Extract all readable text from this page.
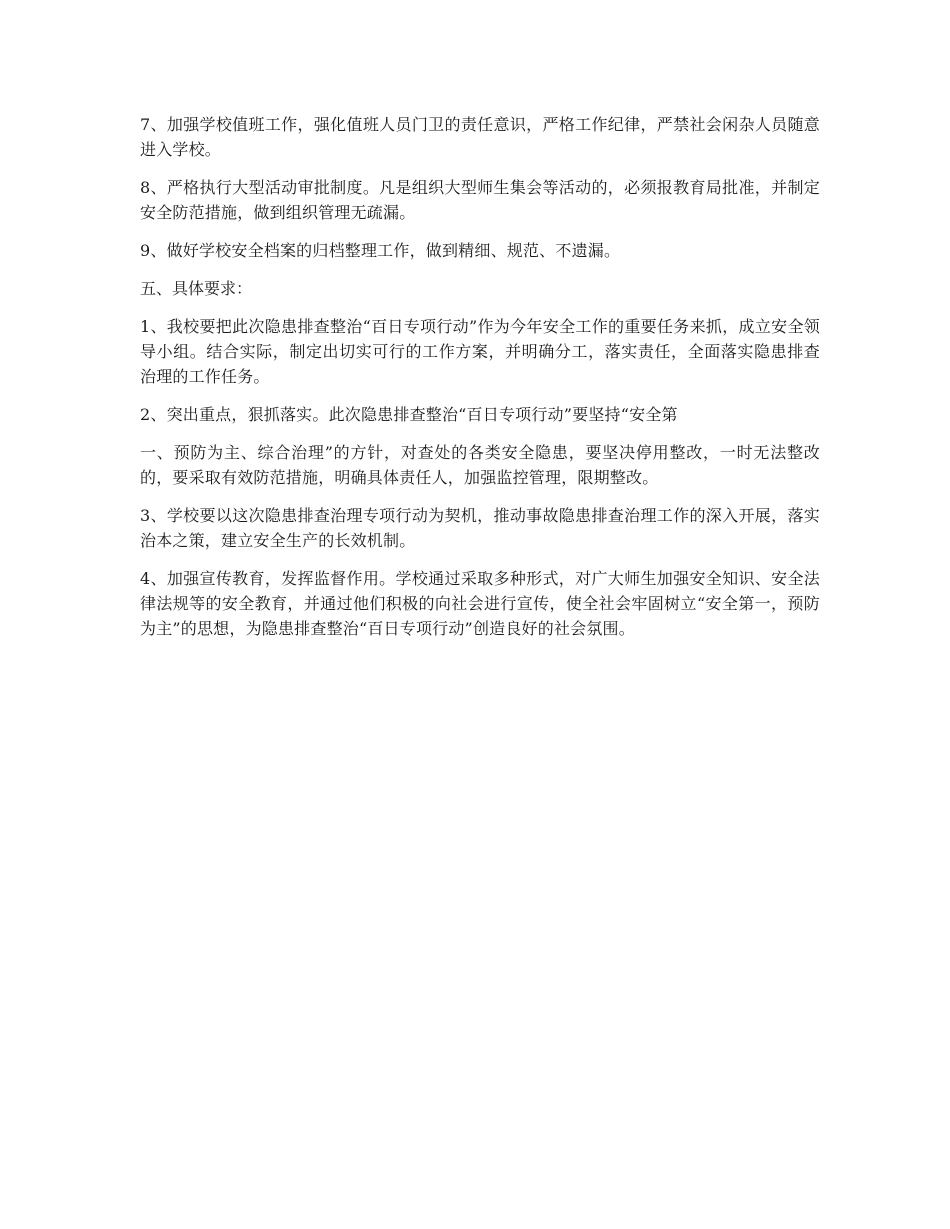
7、加强学校值班工作，强化值班人员门卫的责任意识，严格工作纪律，严禁社会闲杂人员随意进入学校。

8、严格执行大型活动审批制度。凡是组织大型师生集会等活动的，必须报教育局批准，并制定安全防范措施，做到组织管理无疏漏。

9、做好学校安全档案的归档整理工作，做到精细、规范、不遗漏。

五、具体要求：

1、我校要把此次隐患排查整治“百日专项行动”作为今年安全工作的重要任务来抓，成立安全领导小组。结合实际，制定出切实可行的工作方案，并明确分工，落实责任，全面落实隐患排查治理的工作任务。

2、突出重点，狠抓落实。此次隐患排查整治“百日专项行动”要坚持“安全第

一、预防为主、综合治理”的方针，对查处的各类安全隐患，要坚决停用整改，一时无法整改的，要采取有效防范措施，明确具体责任人，加强监控管理，限期整改。

3、学校要以这次隐患排查治理专项行动为契机，推动事故隐患排查治理工作的深入开展，落实治本之策，建立安全生产的长效机制。

4、加强宣传教育，发挥监督作用。学校通过采取多种形式，对广大师生加强安全知识、安全法律法规等的安全教育，并通过他们积极的向社会进行宣传，使全社会牢固树立“安全第一，预防为主”的思想，为隐患排查整治“百日专项行动”创造良好的社会氛围。
